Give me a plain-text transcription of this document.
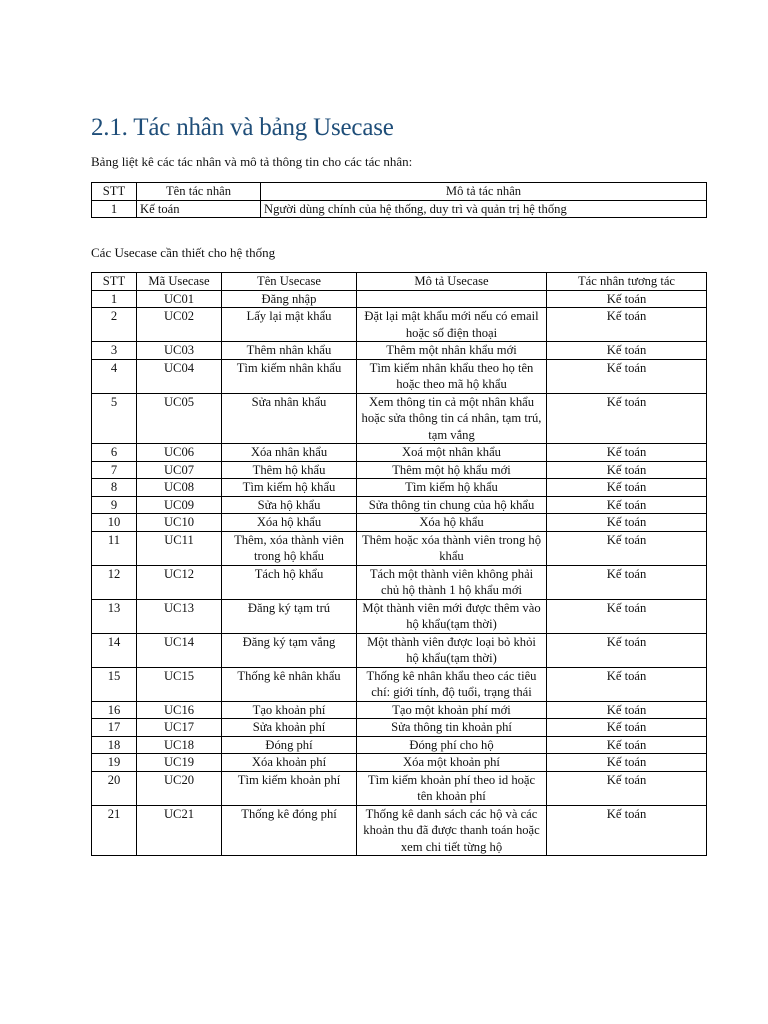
2.1. Tác nhân và bảng Usecase

Bảng liệt kê các tác nhân và mô tả thông tin cho các tác nhân:

STT	Tên tác nhân	Mô tả tác nhân
1	Kế toán	Người dùng chính của hệ thống, duy trì và quản trị hệ thống

Các Usecase cần thiết cho hệ thống

STT	Mã Usecase	Tên Usecase	Mô tả Usecase	Tác nhân tương tác
1	UC01	Đăng nhập		Kế toán
2	UC02	Lấy lại mật khẩu	Đặt lại mật khẩu mới nếu có email hoặc số điện thoại	Kế toán
3	UC03	Thêm nhân khẩu	Thêm một nhân khẩu mới	Kế toán
4	UC04	Tìm kiếm nhân khẩu	Tìm kiếm nhân khẩu theo họ tên hoặc theo mã hộ khẩu	Kế toán
5	UC05	Sửa nhân khẩu	Xem thông tin cả một nhân khẩu hoặc sửa thông tin cá nhân, tạm trú, tạm vắng	Kế toán
6	UC06	Xóa nhân khẩu	Xoá một nhân khẩu	Kế toán
7	UC07	Thêm hộ khẩu	Thêm một hộ khẩu mới	Kế toán
8	UC08	Tìm kiếm hộ khẩu	Tìm kiếm hộ khẩu	Kế toán
9	UC09	Sửa hộ khẩu	Sửa thông tin chung của hộ khẩu	Kế toán
10	UC10	Xóa hộ khẩu	Xóa hộ khẩu	Kế toán
11	UC11	Thêm, xóa thành viên trong hộ khẩu	Thêm hoặc xóa thành viên trong hộ khẩu	Kế toán
12	UC12	Tách hộ khẩu	Tách một thành viên không phải chủ hộ thành 1 hộ khẩu mới	Kế toán
13	UC13	Đăng ký tạm trú	Một thành viên mới được thêm vào hộ khẩu(tạm thời)	Kế toán
14	UC14	Đăng ký tạm vắng	Một thành viên được loại bỏ khỏi hộ khẩu(tạm thời)	Kế toán
15	UC15	Thống kê nhân khẩu	Thống kê nhân khẩu theo các tiêu chí: giới tính, độ tuổi, trạng thái	Kế toán
16	UC16	Tạo khoản phí	Tạo một khoản phí mới	Kế toán
17	UC17	Sửa khoản phí	Sửa thông tin khoản phí	Kế toán
18	UC18	Đóng phí	Đóng phí cho hộ	Kế toán
19	UC19	Xóa khoản phí	Xóa một khoản phí	Kế toán
20	UC20	Tìm kiếm khoản phí	Tìm kiếm khoản phí theo id hoặc tên khoản phí	Kế toán
21	UC21	Thống kê đóng phí	Thống kê danh sách các hộ và các khoản thu đã được thanh toán hoặc xem chi tiết từng hộ	Kế toán
